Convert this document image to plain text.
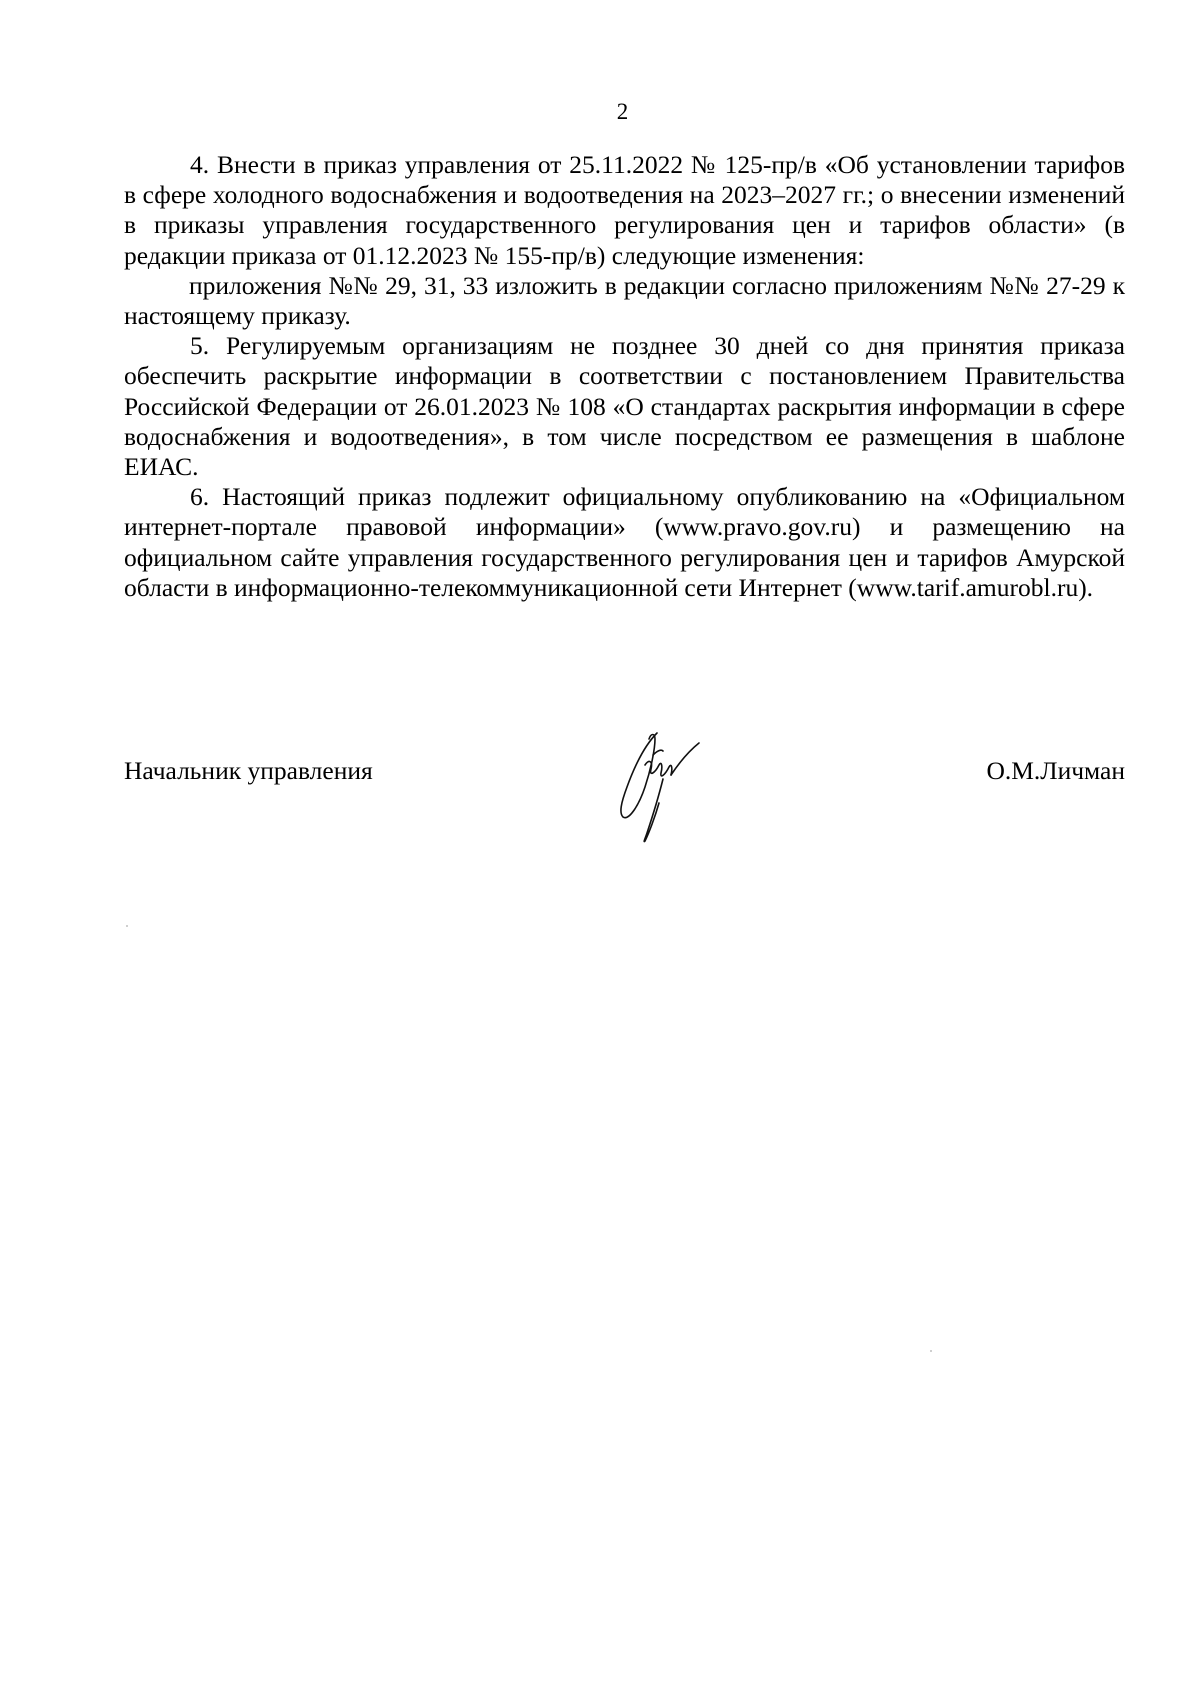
2

4. Внести в приказ управления от 25.11.2022 № 125-пр/в «Об установлении тарифов в сфере холодного водоснабжения и водоотведения на 2023–2027 гг.; о внесении изменений в приказы управления государственного регулирования цен и тарифов области» (в редакции приказа от 01.12.2023 № 155-пр/в) следующие изменения:

приложения №№ 29, 31, 33 изложить в редакции согласно приложениям №№ 27-29 к настоящему приказу.

5. Регулируемым организациям не позднее 30 дней со дня принятия приказа обеспечить раскрытие информации в соответствии с постановлением Правительства Российской Федерации от 26.01.2023 № 108 «О стандартах раскрытия информации в сфере водоснабжения и водоотведения», в том числе посредством ее размещения в шаблоне ЕИАС.

6. Настоящий приказ подлежит официальному опубликованию на «Официальном интернет-портале правовой информации» (www.pravo.gov.ru) и размещению на официальном сайте управления государственного регулирования цен и тарифов Амурской области в информационно-телекоммуникационной сети Интернет (www.tarif.amurobl.ru).

Начальник управления	О.М.Личман
